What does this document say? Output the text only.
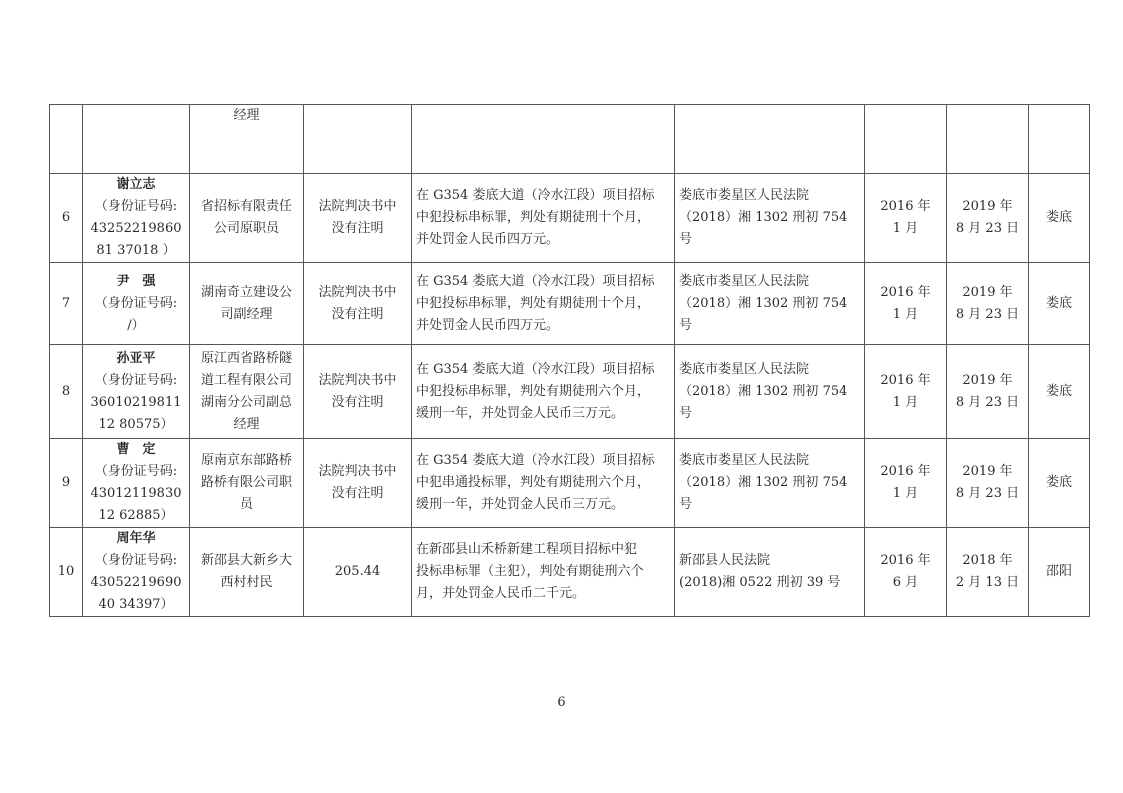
		经理						
6	谢立志
（身份证号码:
4325221986081 37018 ）	省招标有限责任
公司原职员	法院判决书中
没有注明	在 G354 娄底大道（冷水江段）项目招标
中犯投标串标罪，判处有期徒刑十个月，
并处罚金人民币四万元。	娄底市娄星区人民法院
（2018）湘 1302 刑初 754 号	2016 年
1 月	2019 年
8 月 23 日	娄底
7	尹　强
（身份证号码:
/）	湖南奇立建设公
司副经理	法院判决书中
没有注明	在 G354 娄底大道（冷水江段）项目招标
中犯投标串标罪，判处有期徒刑十个月，
并处罚金人民币四万元。	娄底市娄星区人民法院
（2018）湘 1302 刑初 754 号	2016 年
1 月	2019 年
8 月 23 日	娄底
8	孙亚平
（身份证号码:
3601021981112 80575）	原江西省路桥隧
道工程有限公司
湖南分公司副总
经理	法院判决书中
没有注明	在 G354 娄底大道（冷水江段）项目招标
中犯投标串标罪，判处有期徒刑六个月，
缓刑一年，并处罚金人民币三万元。	娄底市娄星区人民法院
（2018）湘 1302 刑初 754 号	2016 年
1 月	2019 年
8 月 23 日	娄底
9	曹　定
（身份证号码:
4301211983012 62885）	原南京东部路桥
路桥有限公司职
员	法院判决书中
没有注明	在 G354 娄底大道（冷水江段）项目招标
中犯串通投标罪，判处有期徒刑六个月，
缓刑一年，并处罚金人民币三万元。	娄底市娄星区人民法院
（2018）湘 1302 刑初 754 号	2016 年
1 月	2019 年
8 月 23 日	娄底
10	周年华
（身份证号码:
4305221969040 34397）	新邵县大新乡大
西村村民	205.44	在新邵县山禾桥新建工程项目招标中犯
投标串标罪（主犯），判处有期徒刑六个
月，并处罚金人民币二千元。	新邵县人民法院
(2018)湘 0522 刑初 39 号	2016 年
6 月	2018 年
2 月 13 日	邵阳
6
